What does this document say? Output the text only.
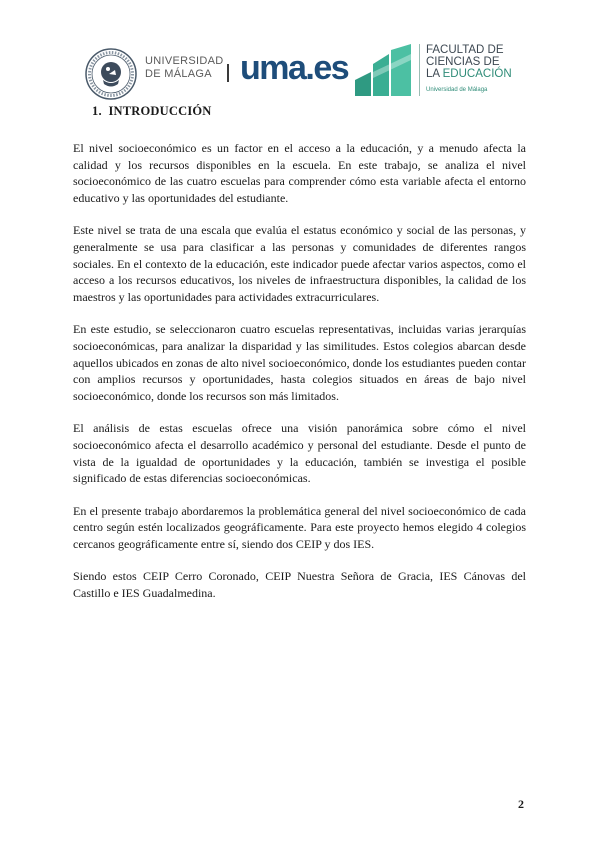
UNIVERSIDAD
DE MÁLAGA uma.es	FACULTAD DE
CIENCIAS DE
LA EDUCACIÓN
Universidad de Málaga
1. INTRODUCCIÓN

El nivel socioeconómico es un factor en el acceso a la educación, y a menudo afecta la calidad y los recursos disponibles en la escuela. En este trabajo, se analiza el nivel socioeconómico de las cuatro escuelas para comprender cómo esta variable afecta el entorno educativo y las oportunidades del estudiante.

Este nivel se trata de una escala que evalúa el estatus económico y social de las personas, y generalmente se usa para clasificar a las personas y comunidades de diferentes rangos sociales. En el contexto de la educación, este indicador puede afectar varios aspectos, como el acceso a los recursos educativos, los niveles de infraestructura disponibles, la calidad de los maestros y las oportunidades para actividades extracurriculares.

En este estudio, se seleccionaron cuatro escuelas representativas, incluidas varias jerarquías socioeconómicas, para analizar la disparidad y las similitudes. Estos colegios abarcan desde aquellos ubicados en zonas de alto nivel socioeconómico, donde los estudiantes pueden contar con amplios recursos y oportunidades, hasta colegios situados en áreas de bajo nivel socioeconómico, donde los recursos son más limitados.

El análisis de estas escuelas ofrece una visión panorámica sobre cómo el nivel socioeconómico afecta el desarrollo académico y personal del estudiante. Desde el punto de vista de la igualdad de oportunidades y la educación, también se investiga el posible significado de estas diferencias socioeconómicas.

En el presente trabajo abordaremos la problemática general del nivel socioeconómico de cada centro según estén localizados geográficamente. Para este proyecto hemos elegido 4 colegios cercanos geográficamente entre sí, siendo dos CEIP y dos IES.

Siendo estos CEIP Cerro Coronado, CEIP Nuestra Señora de Gracia, IES Cánovas del Castillo e IES Guadalmedina.

2
